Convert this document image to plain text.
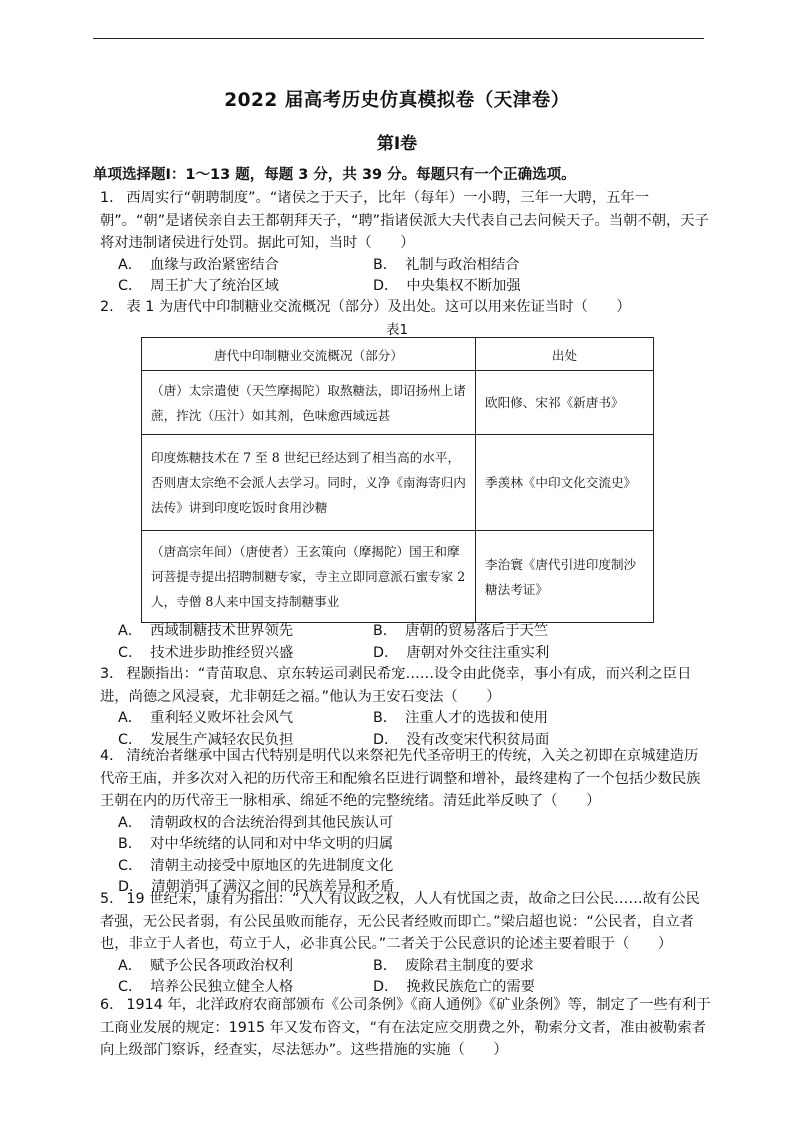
2022 届高考历史仿真模拟卷（天津卷）
第Ⅰ卷
单项选择题Ⅰ：1～13 题，每题 3 分，共 39 分。每题只有一个正确选项。

1． 西周实行“朝聘制度”。“诸侯之于天子，比年（每年）一小聘，三年一大聘，五年一朝”。“朝”是诸侯亲自去王都朝拜天子，“聘”指诸侯派大夫代表自己去问候天子。当朝不朝，天子将对违制诸侯进行处罚。据此可知，当时（　　）

A． 血缘与政治紧密结合	B． 礼制与政治相结合
C． 周王扩大了统治区域	D． 中央集权不断加强

2． 表 1 为唐代中印制糖业交流概况（部分）及出处。这可以用来佐证当时（　　）

表1
唐代中印制糖业交流概况（部分）	出处
（唐）太宗遣使（天竺摩揭陀）取熬糖法，即诏扬州上诸蔗，拃沈（压汁）如其剂，色味愈西域远甚	欧阳修、宋祁《新唐书》
印度炼糖技术在 7 至 8 世纪已经达到了相当高的水平，否则唐太宗绝不会派人去学习。同时，义净《南海寄归内法传》讲到印度吃饭时食用沙糖	季羡林《中印文化交流史》
（唐高宗年间）（唐使者）王玄策向（摩揭陀）国王和摩诃菩提寺提出招聘制糖专家，寺主立即同意派石蜜专家 2人，寺僧 8人来中国支持制糖事业	李治寰《唐代引进印度制沙糖法考证》
A． 西域制糖技术世界领先	B． 唐朝的贸易落后于天竺
C． 技术进步助推经贸兴盛	D． 唐朝对外交往注重实利

3． 程颢指出：“青苗取息、京东转运司剥民希宠……设令由此侥幸，事小有成，而兴利之臣日进，尚德之风浸衰，尤非朝廷之福。”他认为王安石变法（　　）

A． 重利轻义败坏社会风气	B． 注重人才的选拔和使用
C． 发展生产减轻农民负担	D． 没有改变宋代积贫局面

4． 清统治者继承中国古代特别是明代以来祭祀先代圣帝明王的传统，入关之初即在京城建造历代帝王庙，并多次对入祀的历代帝王和配飨名臣进行调整和增补，最终建构了一个包括少数民族王朝在内的历代帝王一脉相承、绵延不绝的完整统绪。清廷此举反映了（　　）

A． 清朝政权的合法统治得到其他民族认可
B． 对中华统绪的认同和对中华文明的归属
C． 清朝主动接受中原地区的先进制度文化
D． 清朝消弭了满汉之间的民族差异和矛盾

5． 19 世纪末，康有为指出：“人人有议政之权，人人有忧国之责，故命之曰公民……故有公民者强，无公民者弱，有公民虽败而能存，无公民者经败而即亡。”梁启超也说：“公民者，自立者也，非立于人者也，苟立于人，必非真公民。”二者关于公民意识的论述主要着眼于（　　）

A． 赋予公民各项政治权利	B． 废除君主制度的要求
C． 培养公民独立健全人格	D． 挽救民族危亡的需要

6． 1914 年，北洋政府农商部颁布《公司条例》《商人通例》《矿业条例》等，制定了一些有利于工商业发展的规定：1915 年又发布咨文，“有在法定应交朋费之外，勒索分文者，准由被勒索者向上级部门察诉，经查实，尽法惩办”。这些措施的实施（　　）
